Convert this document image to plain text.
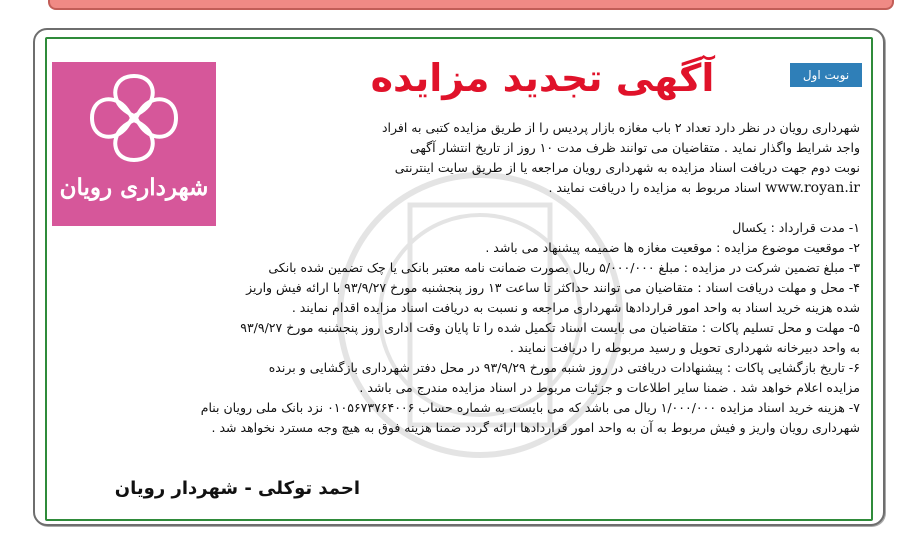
شهرداری رویان
نوبت اول
آگهی تجدید مزایده
شهرداری رویان در نظر دارد تعداد ۲ باب مغازه بازار پردیس را از طریق مزایده کتبی به افراد
واجد شرایط واگذار نماید . متقاضیان می توانند ظرف مدت ۱۰ روز از تاریخ انتشار آگهی
نوبت دوم جهت دریافت اسناد مزایده به شهرداری رویان مراجعه یا از طریق سایت اینترنتی
www.royan.ir اسناد مربوط به مزایده را دریافت نمایند .
۱- مدت قرارداد : یکسال
۲- موقعیت موضوع مزایده : موقعیت مغازه ها ضمیمه پیشنهاد می باشد .
۳- مبلغ تضمین شرکت در مزایده : مبلغ ۵/۰۰۰/۰۰۰ ریال بصورت ضمانت نامه معتبر بانکی یا چک تضمین شده بانکی
۴- محل و مهلت دریافت اسناد : متقاضیان می توانند حداکثر تا ساعت ۱۳ روز پنجشنبه مورخ ۹۳/۹/۲۷ با ارائه فیش واریز
شده هزینه خرید اسناد به واحد امور قراردادها شهرداری مراجعه و نسبت به دریافت اسناد مزایده اقدام نمایند .
۵- مهلت و محل تسلیم پاکات : متقاضیان می بایست اسناد تکمیل شده را تا پایان وقت اداری روز پنجشنبه مورخ ۹۳/۹/۲۷
به واحد دبیرخانه شهرداری تحویل و رسید مربوطه را دریافت نمایند .
۶- تاریخ بازگشایی پاکات : پیشنهادات دریافتی در روز شنبه مورخ ۹۳/۹/۲۹ در محل دفتر شهرداری بازگشایی و برنده
مزایده اعلام خواهد شد . ضمنا سایر اطلاعات و جزئیات مربوط در اسناد مزایده مندرج می باشد .
۷- هزینه خرید اسناد مزایده ۱/۰۰۰/۰۰۰ ریال می باشد که می بایست به شماره حساب ۰۱۰۵۶۷۳۷۶۴۰۰۶ نزد بانک ملی رویان بنام
شهرداری رویان واریز و فیش مربوط به آن به واحد امور قراردادها ارائه گردد ضمنا هزینه فوق به هیچ وجه مسترد نخواهد شد .
احمد توکلی - شهردار رویان
